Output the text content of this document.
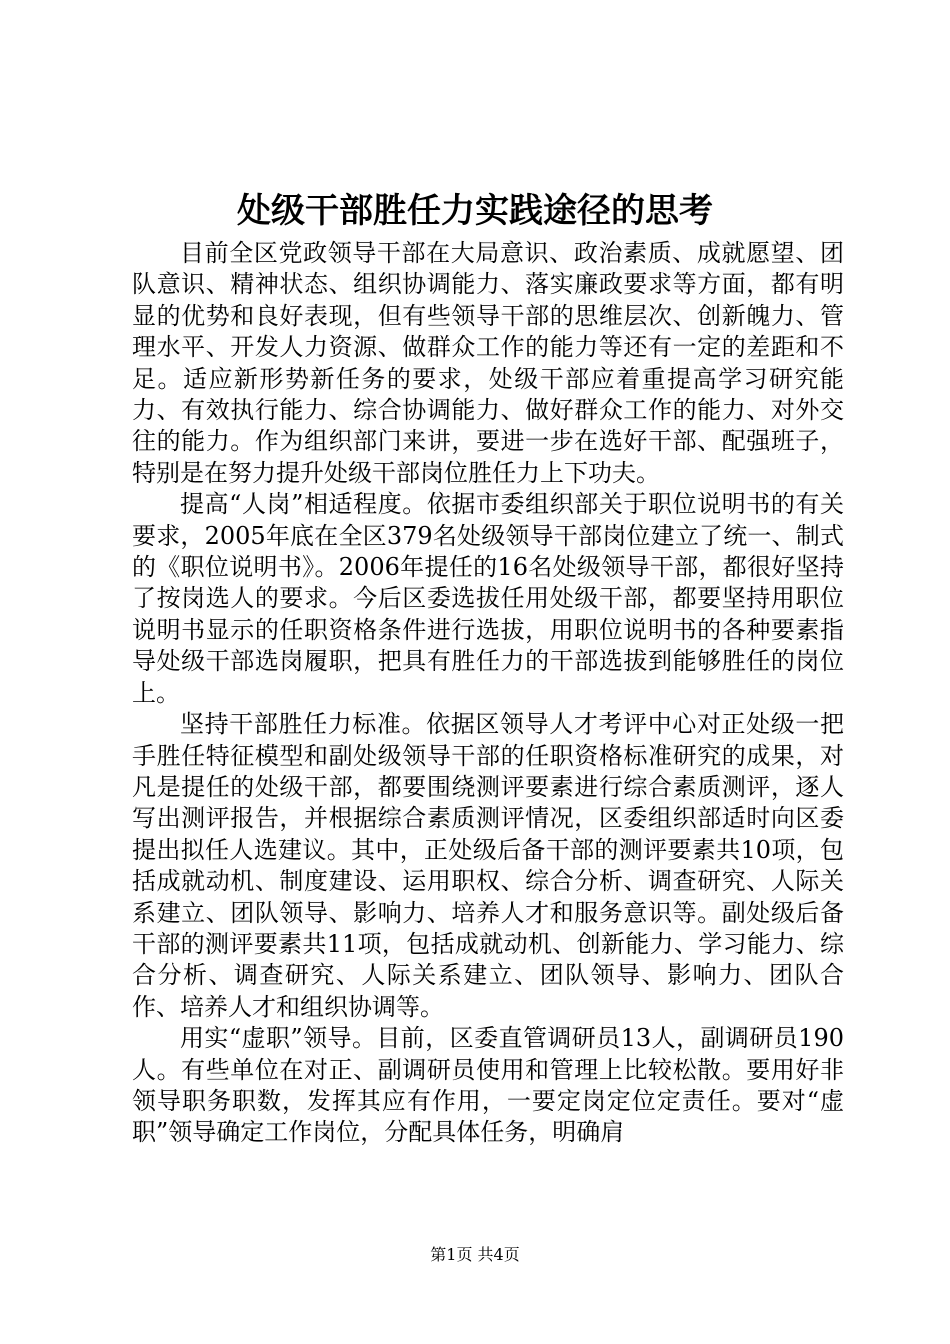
处级干部胜任力实践途径的思考

目前全区党政领导干部在大局意识、政治素质、成就愿望、团队意识、精神状态、组织协调能力、落实廉政要求等方面，都有明显的优势和良好表现，但有些领导干部的思维层次、创新魄力、管理水平、开发人力资源、做群众工作的能力等还有一定的差距和不足。适应新形势新任务的要求，处级干部应着重提高学习研究能力、有效执行能力、综合协调能力、做好群众工作的能力、对外交往的能力。作为组织部门来讲，要进一步在选好干部、配强班子，特别是在努力提升处级干部岗位胜任力上下功夫。

提高“人岗”相适程度。依据市委组织部关于职位说明书的有关要求，2005年底在全区379名处级领导干部岗位建立了统一、制式的《职位说明书》。2006年提任的16名处级领导干部，都很好坚持了按岗选人的要求。今后区委选拔任用处级干部，都要坚持用职位说明书显示的任职资格条件进行选拔，用职位说明书的各种要素指导处级干部选岗履职，把具有胜任力的干部选拔到能够胜任的岗位上。

坚持干部胜任力标准。依据区领导人才考评中心对正处级一把手胜任特征模型和副处级领导干部的任职资格标准研究的成果，对凡是提任的处级干部，都要围绕测评要素进行综合素质测评，逐人写出测评报告，并根据综合素质测评情况，区委组织部适时向区委提出拟任人选建议。其中，正处级后备干部的测评要素共10项，包括成就动机、制度建设、运用职权、综合分析、调查研究、人际关系建立、团队领导、影响力、培养人才和服务意识等。副处级后备干部的测评要素共11项，包括成就动机、创新能力、学习能力、综合分析、调查研究、人际关系建立、团队领导、影响力、团队合作、培养人才和组织协调等。

用实“虚职”领导。目前，区委直管调研员13人，副调研员190人。有些单位在对正、副调研员使用和管理上比较松散。要用好非领导职务职数，发挥其应有作用，一要定岗定位定责任。要对“虚职”领导确定工作岗位，分配具体任务，明确肩

第1页 共4页
